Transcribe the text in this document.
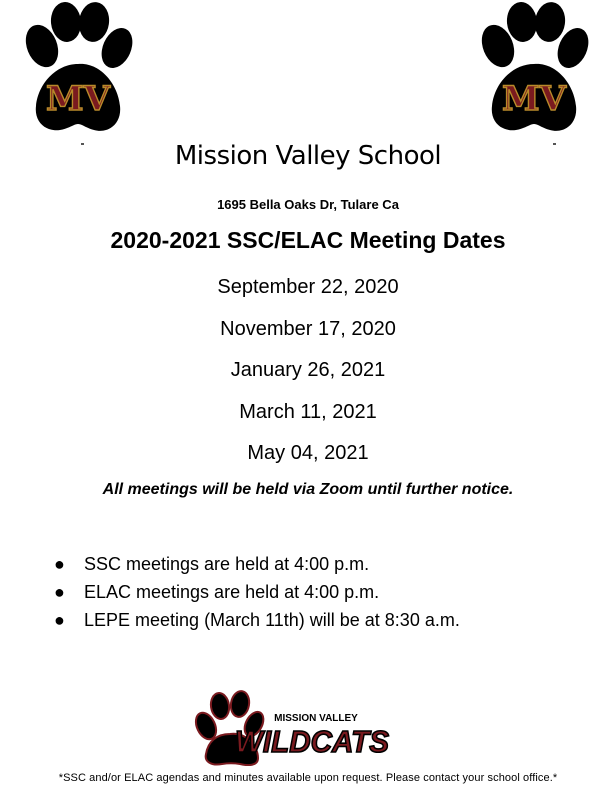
MV	MV
Mission Valley School
1695 Bella Oaks Dr, Tulare Ca
2020-2021 SSC/ELAC Meeting Dates
September 22, 2020
November 17, 2020
January 26, 2021
March 11, 2021
May 04, 2021
All meetings will be held via Zoom until further notice.
● SSC meetings are held at 4:00 p.m.
● ELAC meetings are held at 4:00 p.m.
● LEPE meeting (March 11th) will be at 8:30 a.m.
MISSION VALLEY
WILDCATS
*SSC and/or ELAC agendas and minutes available upon request. Please contact your school office.*
